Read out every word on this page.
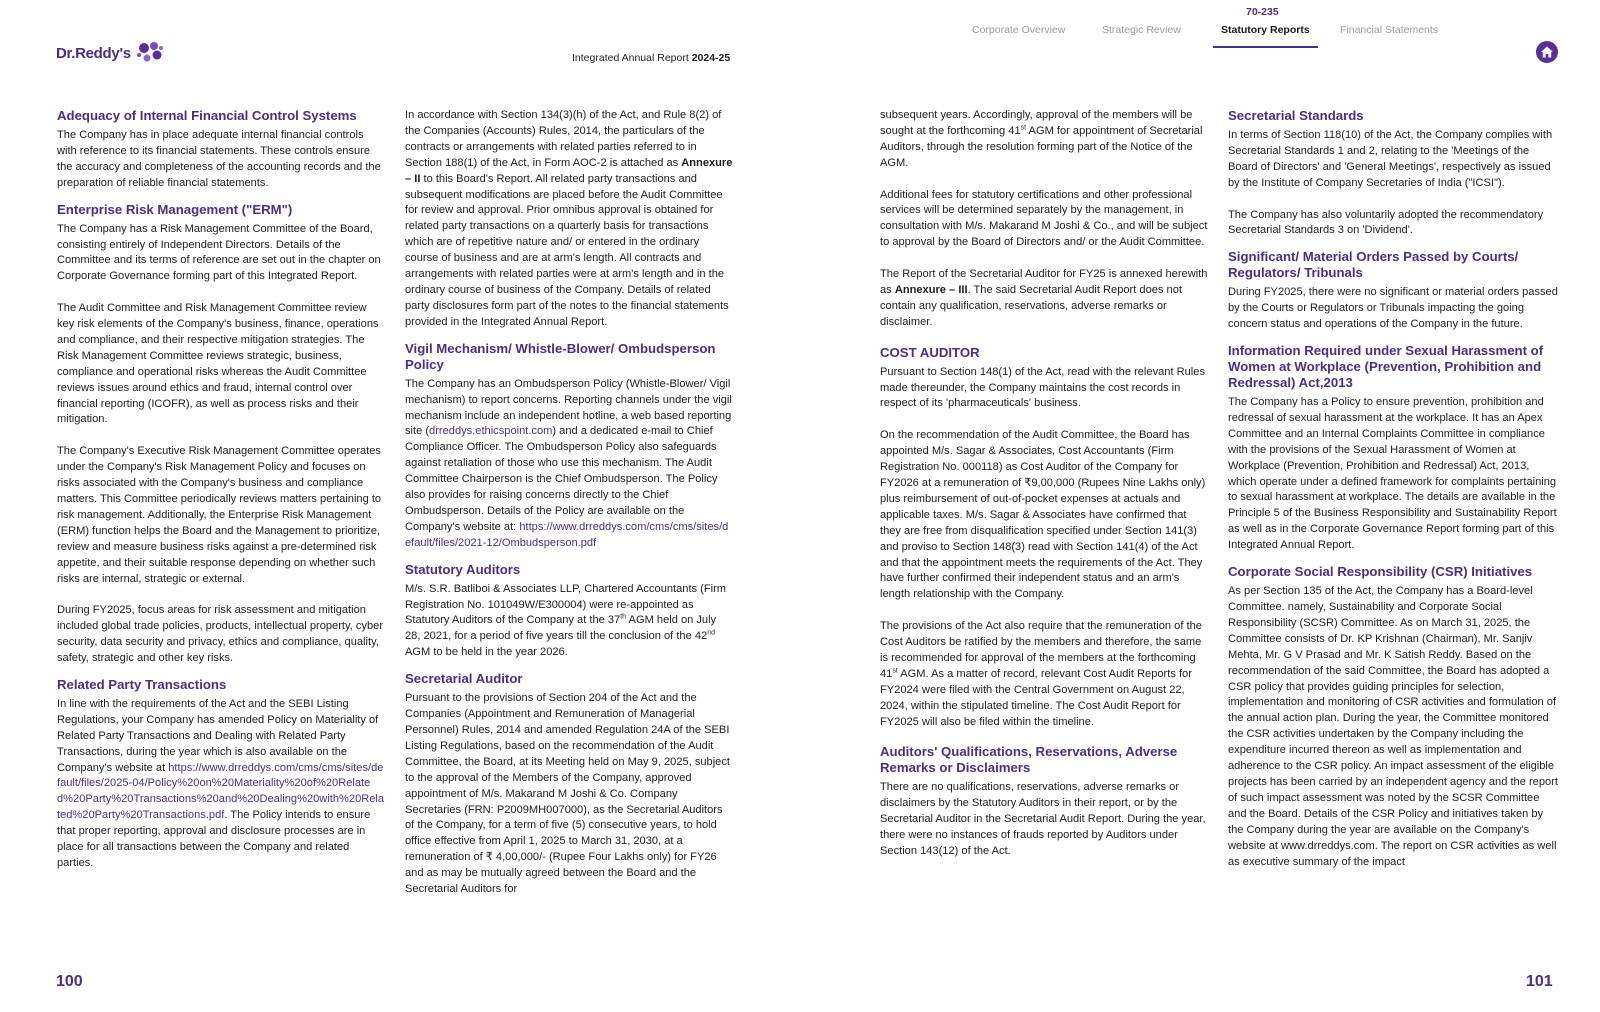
Dr.Reddy's	Integrated Annual Report 2024-25
Corporate Overview	Strategic Review
70-235
Statutory Reports	Financial Statements
Adequacy of Internal Financial Control Systems

The Company has in place adequate internal financial controls with reference to its financial statements. These controls ensure the accuracy and completeness of the accounting records and the preparation of reliable financial statements.

Enterprise Risk Management ("ERM")

The Company has a Risk Management Committee of the Board, consisting entirely of Independent Directors. Details of the Committee and its terms of reference are set out in the chapter on Corporate Governance forming part of this Integrated Report.

The Audit Committee and Risk Management Committee review key risk elements of the Company's business, finance, operations and compliance, and their respective mitigation strategies. The Risk Management Committee reviews strategic, business, compliance and operational risks whereas the Audit Committee reviews issues around ethics and fraud, internal control over financial reporting (ICOFR), as well as process risks and their mitigation.

The Company's Executive Risk Management Committee operates under the Company's Risk Management Policy and focuses on risks associated with the Company's business and compliance matters. This Committee periodically reviews matters pertaining to risk management. Additionally, the Enterprise Risk Management (ERM) function helps the Board and the Management to prioritize, review and measure business risks against a pre-determined risk appetite, and their suitable response depending on whether such risks are internal, strategic or external.

During FY2025, focus areas for risk assessment and mitigation included global trade policies, products, intellectual property, cyber security, data security and privacy, ethics and compliance, quality, safety, strategic and other key risks.

Related Party Transactions

In line with the requirements of the Act and the SEBI Listing Regulations, your Company has amended Policy on Materiality of Related Party Transactions and Dealing with Related Party Transactions, during the year which is also available on the Company's website at https://www.drreddys.com/cms/cms/sites/default/files/2025-04/Policy%20on%20Materiality%20of%20Related%20Party%20Transactions%20and%20Dealing%20with%20Related%20Party%20Transactions.pdf. The Policy intends to ensure that proper reporting, approval and disclosure processes are in place for all transactions between the Company and related parties.

In accordance with Section 134(3)(h) of the Act, and Rule 8(2) of the Companies (Accounts) Rules, 2014, the particulars of the contracts or arrangements with related parties referred to in Section 188(1) of the Act, in Form AOC-2 is attached as Annexure – II to this Board's Report. All related party transactions and subsequent modifications are placed before the Audit Committee for review and approval. Prior omnibus approval is obtained for related party transactions on a quarterly basis for transactions which are of repetitive nature and/ or entered in the ordinary course of business and are at arm's length. All contracts and arrangements with related parties were at arm's length and in the ordinary course of business of the Company. Details of related party disclosures form part of the notes to the financial statements provided in the Integrated Annual Report.

Vigil Mechanism/ Whistle-Blower/ Ombudsperson Policy

The Company has an Ombudsperson Policy (Whistle-Blower/ Vigil mechanism) to report concerns. Reporting channels under the vigil mechanism include an independent hotline, a web based reporting site (drreddys.ethicspoint.com) and a dedicated e-mail to Chief Compliance Officer. The Ombudsperson Policy also safeguards against retaliation of those who use this mechanism. The Audit Committee Chairperson is the Chief Ombudsperson. The Policy also provides for raising concerns directly to the Chief Ombudsperson. Details of the Policy are available on the Company's website at: https://www.drreddys.com/cms/cms/sites/default/files/2021-12/Ombudsperson.pdf

Statutory Auditors

M/s. S.R. Batliboi & Associates LLP, Chartered Accountants (Firm Registration No. 101049W/E300004) were re-appointed as Statutory Auditors of the Company at the 37th AGM held on July 28, 2021, for a period of five years till the conclusion of the 42nd AGM to be held in the year 2026.

Secretarial Auditor

Pursuant to the provisions of Section 204 of the Act and the Companies (Appointment and Remuneration of Managerial Personnel) Rules, 2014 and amended Regulation 24A of the SEBI Listing Regulations, based on the recommendation of the Audit Committee, the Board, at its Meeting held on May 9, 2025, subject to the approval of the Members of the Company, approved appointment of M/s. Makarand M Joshi & Co. Company Secretaries (FRN: P2009MH007000), as the Secretarial Auditors of the Company, for a term of five (5) consecutive years, to hold office effective from April 1, 2025 to March 31, 2030, at a remuneration of ₹ 4,00,000/- (Rupee Four Lakhs only) for FY26 and as may be mutually agreed between the Board and the Secretarial Auditors for

subsequent years. Accordingly, approval of the members will be sought at the forthcoming 41st AGM for appointment of Secretarial Auditors, through the resolution forming part of the Notice of the AGM.

Additional fees for statutory certifications and other professional services will be determined separately by the management, in consultation with M/s. Makarand M Joshi & Co., and will be subject to approval by the Board of Directors and/ or the Audit Committee.

The Report of the Secretarial Auditor for FY25 is annexed herewith as Annexure – III. The said Secretarial Audit Report does not contain any qualification, reservations, adverse remarks or disclaimer.

COST AUDITOR

Pursuant to Section 148(1) of the Act, read with the relevant Rules made thereunder, the Company maintains the cost records in respect of its 'pharmaceuticals' business.

On the recommendation of the Audit Committee, the Board has appointed M/s. Sagar & Associates, Cost Accountants (Firm Registration No. 000118) as Cost Auditor of the Company for FY2026 at a remuneration of ₹9,00,000 (Rupees Nine Lakhs only) plus reimbursement of out-of-pocket expenses at actuals and applicable taxes. M/s. Sagar & Associates have confirmed that they are free from disqualification specified under Section 141(3) and proviso to Section 148(3) read with Section 141(4) of the Act and that the appointment meets the requirements of the Act. They have further confirmed their independent status and an arm's length relationship with the Company.

The provisions of the Act also require that the remuneration of the Cost Auditors be ratified by the members and therefore, the same is recommended for approval of the members at the forthcoming 41st AGM. As a matter of record, relevant Cost Audit Reports for FY2024 were filed with the Central Government on August 22, 2024, within the stipulated timeline. The Cost Audit Report for FY2025 will also be filed within the timeline.

Auditors' Qualifications, Reservations, Adverse Remarks or Disclaimers

There are no qualifications, reservations, adverse remarks or disclaimers by the Statutory Auditors in their report, or by the Secretarial Auditor in the Secretarial Audit Report. During the year, there were no instances of frauds reported by Auditors under Section 143(12) of the Act.

Secretarial Standards

In terms of Section 118(10) of the Act, the Company complies with Secretarial Standards 1 and 2, relating to the 'Meetings of the Board of Directors' and 'General Meetings', respectively as issued by the Institute of Company Secretaries of India ("ICSI").

The Company has also voluntarily adopted the recommendatory Secretarial Standards 3 on 'Dividend'.

Significant/ Material Orders Passed by Courts/ Regulators/ Tribunals

During FY2025, there were no significant or material orders passed by the Courts or Regulators or Tribunals impacting the going concern status and operations of the Company in the future.

Information Required under Sexual Harassment of Women at Workplace (Prevention, Prohibition and Redressal) Act,2013

The Company has a Policy to ensure prevention, prohibition and redressal of sexual harassment at the workplace. It has an Apex Committee and an Internal Complaints Committee in compliance with the provisions of the Sexual Harassment of Women at Workplace (Prevention, Prohibition and Redressal) Act, 2013, which operate under a defined framework for complaints pertaining to sexual harassment at workplace. The details are available in the Principle 5 of the Business Responsibility and Sustainability Report as well as in the Corporate Governance Report forming part of this Integrated Annual Report.

Corporate Social Responsibility (CSR) Initiatives

As per Section 135 of the Act, the Company has a Board-level Committee. namely, Sustainability and Corporate Social Responsibility (SCSR) Committee. As on March 31, 2025, the Committee consists of Dr. KP Krishnan (Chairman), Mr. Sanjiv Mehta, Mr. G V Prasad and Mr. K Satish Reddy. Based on the recommendation of the said Committee, the Board has adopted a CSR policy that provides guiding principles for selection, implementation and monitoring of CSR activities and formulation of the annual action plan. During the year, the Committee monitored the CSR activities undertaken by the Company including the expenditure incurred thereon as well as implementation and adherence to the CSR policy. An impact assessment of the eligible projects has been carried by an independent agency and the report of such impact assessment was noted by the SCSR Committee and the Board. Details of the CSR Policy and initiatives taken by the Company during the year are available on the Company's website at www.drreddys.com. The report on CSR activities as well as executive summary of the impact

100	101
